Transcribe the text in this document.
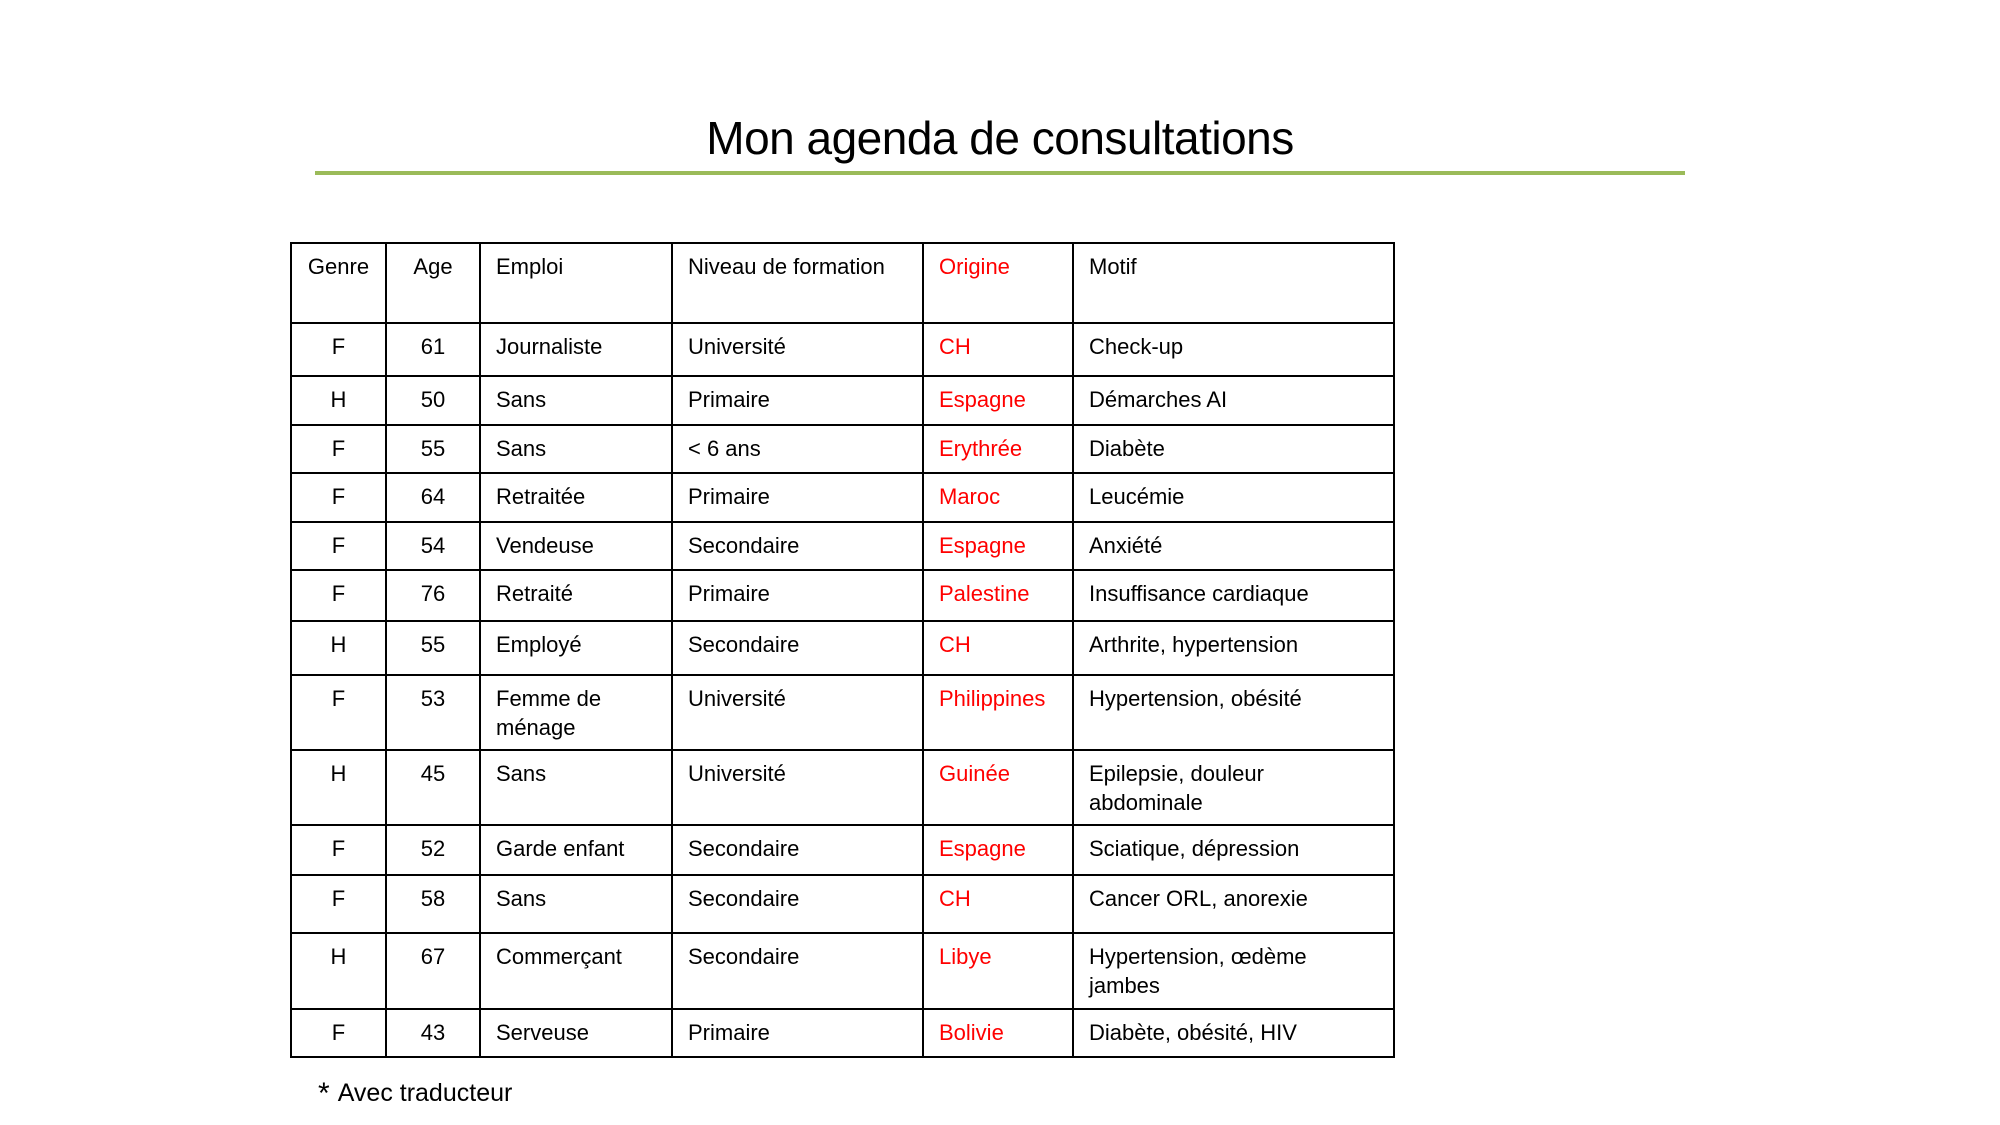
Mon agenda de consultations
Genre	Age	Emploi	Niveau de formation	Origine	Motif
F	61	Journaliste	Université	CH	Check-up
H	50	Sans	Primaire	Espagne	Démarches AI
F	55	Sans	< 6 ans	Erythrée	Diabète
F	64	Retraitée	Primaire	Maroc	Leucémie
F	54	Vendeuse	Secondaire	Espagne	Anxiété
F	76	Retraité	Primaire	Palestine	Insuffisance cardiaque
H	55	Employé	Secondaire	CH	Arthrite, hypertension
F	53	Femme de ménage	Université	Philippines	Hypertension, obésité
H	45	Sans	Université	Guinée	Epilepsie, douleur abdominale
F	52	Garde enfant	Secondaire	Espagne	Sciatique, dépression
F	58	Sans	Secondaire	CH	Cancer ORL, anorexie
H	67	Commerçant	Secondaire	Libye	Hypertension, œdème jambes
F	43	Serveuse	Primaire	Bolivie	Diabète, obésité, HIV
* Avec traducteur
